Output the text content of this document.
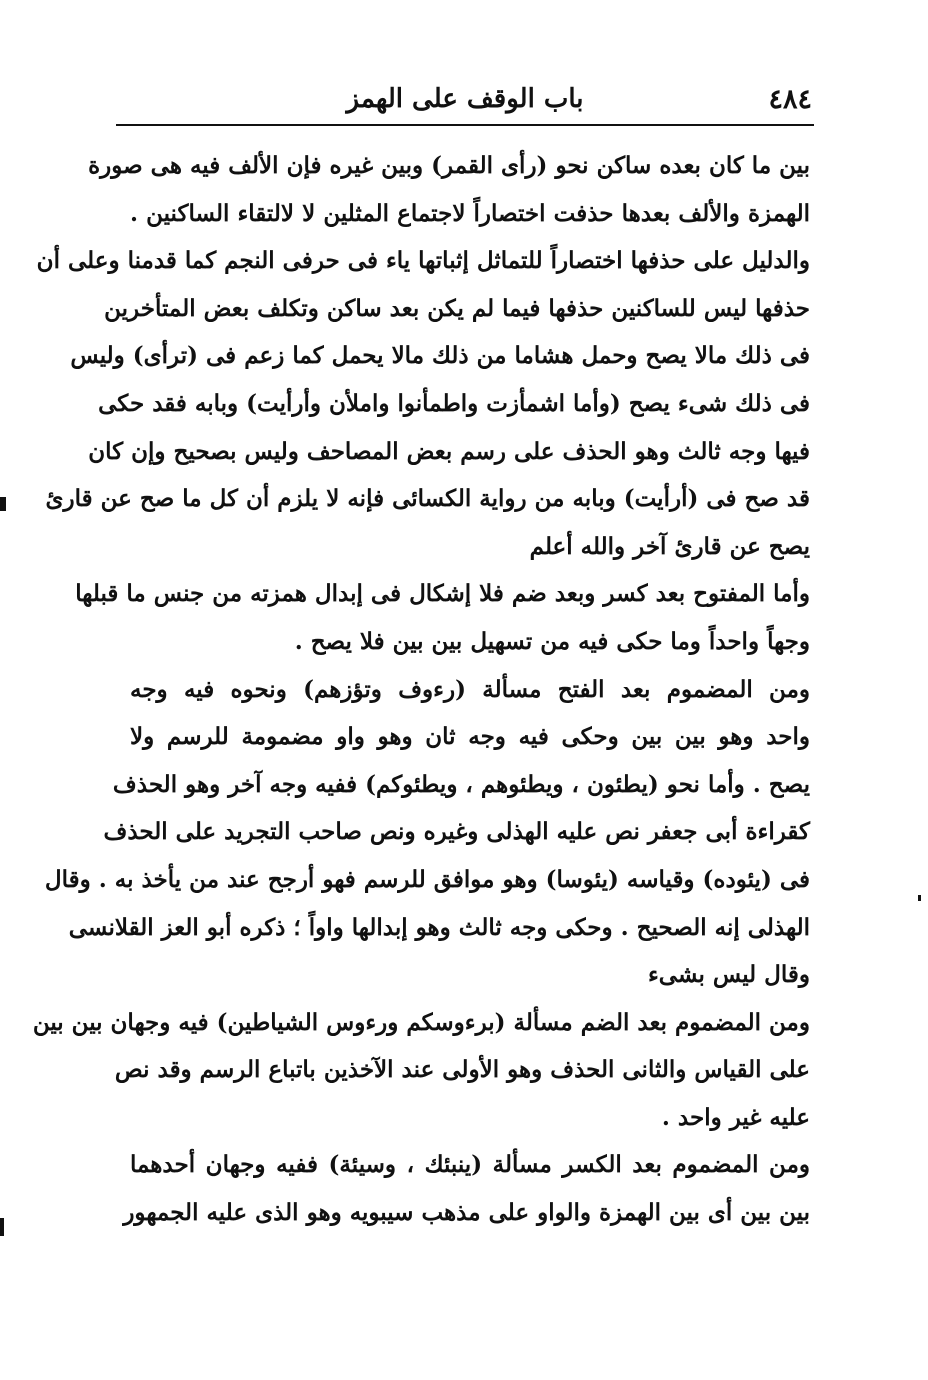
٤٨٤
باب الوقف على الهمز

بين ما كان بعده ساكن نحو (رأى القمر) وبين غيره فإن الألف فيه هى صورة
الهمزة والألف بعدها حذفت اختصاراً لاجتماع المثلين لا لالتقاء الساكنين .
والدليل على حذفها اختصاراً للتماثل إثباتها ياء فى حرفى النجم كما قدمنا وعلى أن
حذفها ليس للساكنين حذفها فيما لم يكن بعد ساكن وتكلف بعض المتأخرين
فى ذلك مالا يصح وحمل هشاما من ذلك مالا يحمل كما زعم فى (ترأى) وليس
فى ذلك شىء يصح (وأما اشمأزت واطمأنوا واملأن وأرأيت) وبابه فقد حكى
فيها وجه ثالث وهو الحذف على رسم بعض المصاحف وليس بصحيح وإن كان
قد صح فى (أرأيت) وبابه من رواية الكسائى فإنه لا يلزم أن كل ما صح عن قارئ
يصح عن قارئ آخر والله أعلم

وأما المفتوح بعد كسر وبعد ضم فلا إشكال فى إبدال همزته من جنس ما قبلها
وجهاً واحداً وما حكى فيه من تسهيل بين بين فلا يصح .

ومن المضموم بعد الفتح مسألة (رءوف وتؤزهم) ونحوه فيه وجه
واحد وهو بين بين وحكى فيه وجه ثان وهو واو مضمومة للرسم ولا
يصح . وأما نحو (يطئون ، ويطئوهم ، ويطئوكم) ففيه وجه آخر وهو الحذف
كقراءة أبى جعفر نص عليه الهذلى وغيره ونص صاحب التجريد على الحذف
فى (يئوده) وقياسه (يئوسا) وهو موافق للرسم فهو أرجح عند من يأخذ به . وقال
الهذلى إنه الصحيح . وحكى وجه ثالث وهو إبدالها واواً ؛ ذكره أبو العز القلانسى
وقال ليس بشىء

ومن المضموم بعد الضم مسألة (برءوسكم ورءوس الشياطين) فيه وجهان بين بين
على القياس والثانى الحذف وهو الأولى عند الآخذين باتباع الرسم وقد نص
عليه غير واحد .

ومن المضموم بعد الكسر مسألة (ينبئك ، وسيئة) ففيه وجهان أحدهما
بين بين أى بين الهمزة والواو على مذهب سيبويه وهو الذى عليه الجمهور
